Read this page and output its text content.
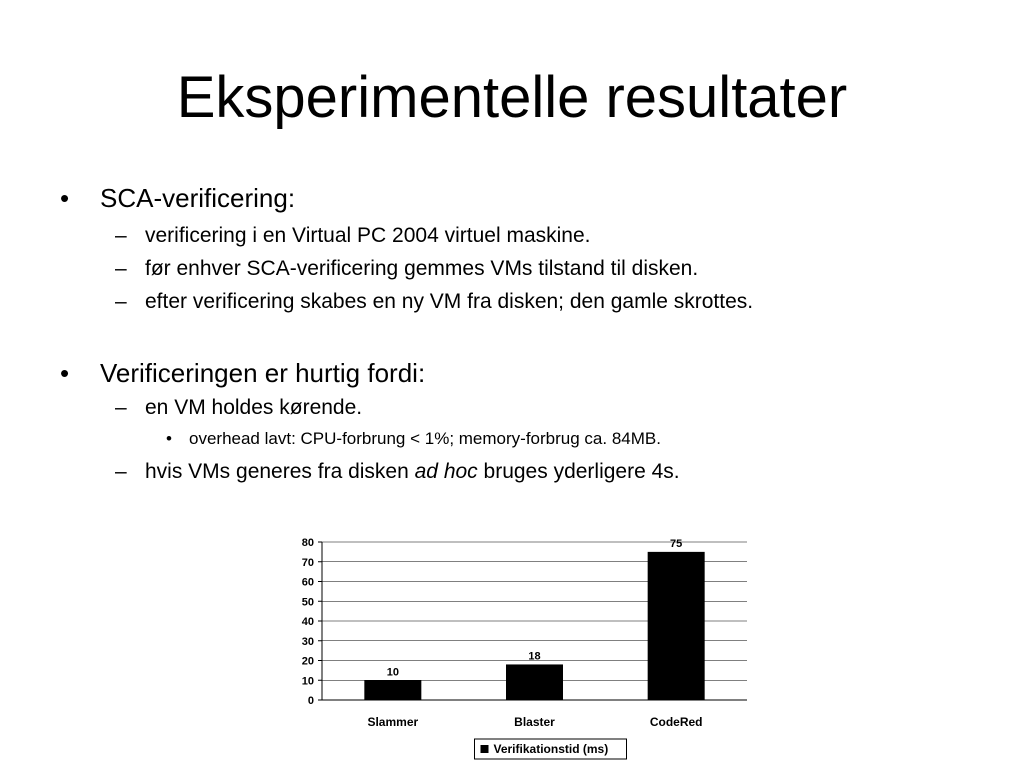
Eksperimentelle resultater
• SCA-verificering:
– verificering i en Virtual PC 2004 virtuel maskine.
– før enhver SCA-verificering gemmes VMs tilstand til disken.
– efter verificering skabes en ny VM fra disken; den gamle skrottes.
• Verificeringen er hurtig fordi:
– en VM holdes kørende.
• overhead lavt: CPU-forbrung < 1%; memory-forbrug ca. 84MB.
– hvis VMs generes fra disken ad hoc bruges yderligere 4s.
0
10
20
30
40
50
60
70
80
10
Slammer
18
Blaster
75
CodeRed
Verifikationstid (ms)
